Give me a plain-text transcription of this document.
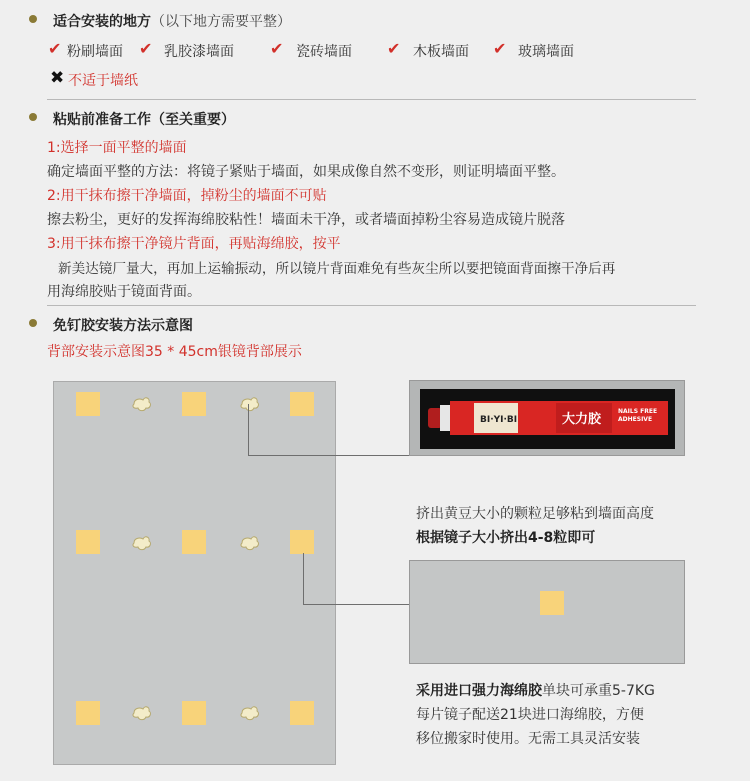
适合安装的地方（以下地方需要平整）
✔ 粉刷墙面 ✔ 乳胶漆墙面 ✔ 瓷砖墙面 ✔ 木板墙面 ✔ 玻璃墙面
✖ 不适于墙纸
粘贴前准备工作（至关重要）
1:选择一面平整的墙面
确定墙面平整的方法：将镜子紧贴于墙面，如果成像自然不变形，则证明墙面平整。
2:用干抹布擦干净墙面，掉粉尘的墙面不可贴
擦去粉尘，更好的发挥海绵胶粘性！墙面未干净，或者墙面掉粉尘容易造成镜片脱落
3:用干抹布擦干净镜片背面，再贴海绵胶，按平
新美达镜厂量大，再加上运输振动，所以镜片背面难免有些灰尘所以要把镜面背面擦干净后再
用海绵胶贴于镜面背面。
免钉胶安装方法示意图
背部安装示意图35 * 45cm银镜背部展示
BI·YI·BI	大力胶
NAILS FREE
ADHESIVE
挤出黄豆大小的颗粒足够粘到墙面高度
根据镜子大小挤出4-8粒即可
采用进口强力海绵胶单块可承重5-7KG
每片镜子配送21块进口海绵胶，方便
移位搬家时使用。无需工具灵活安装
